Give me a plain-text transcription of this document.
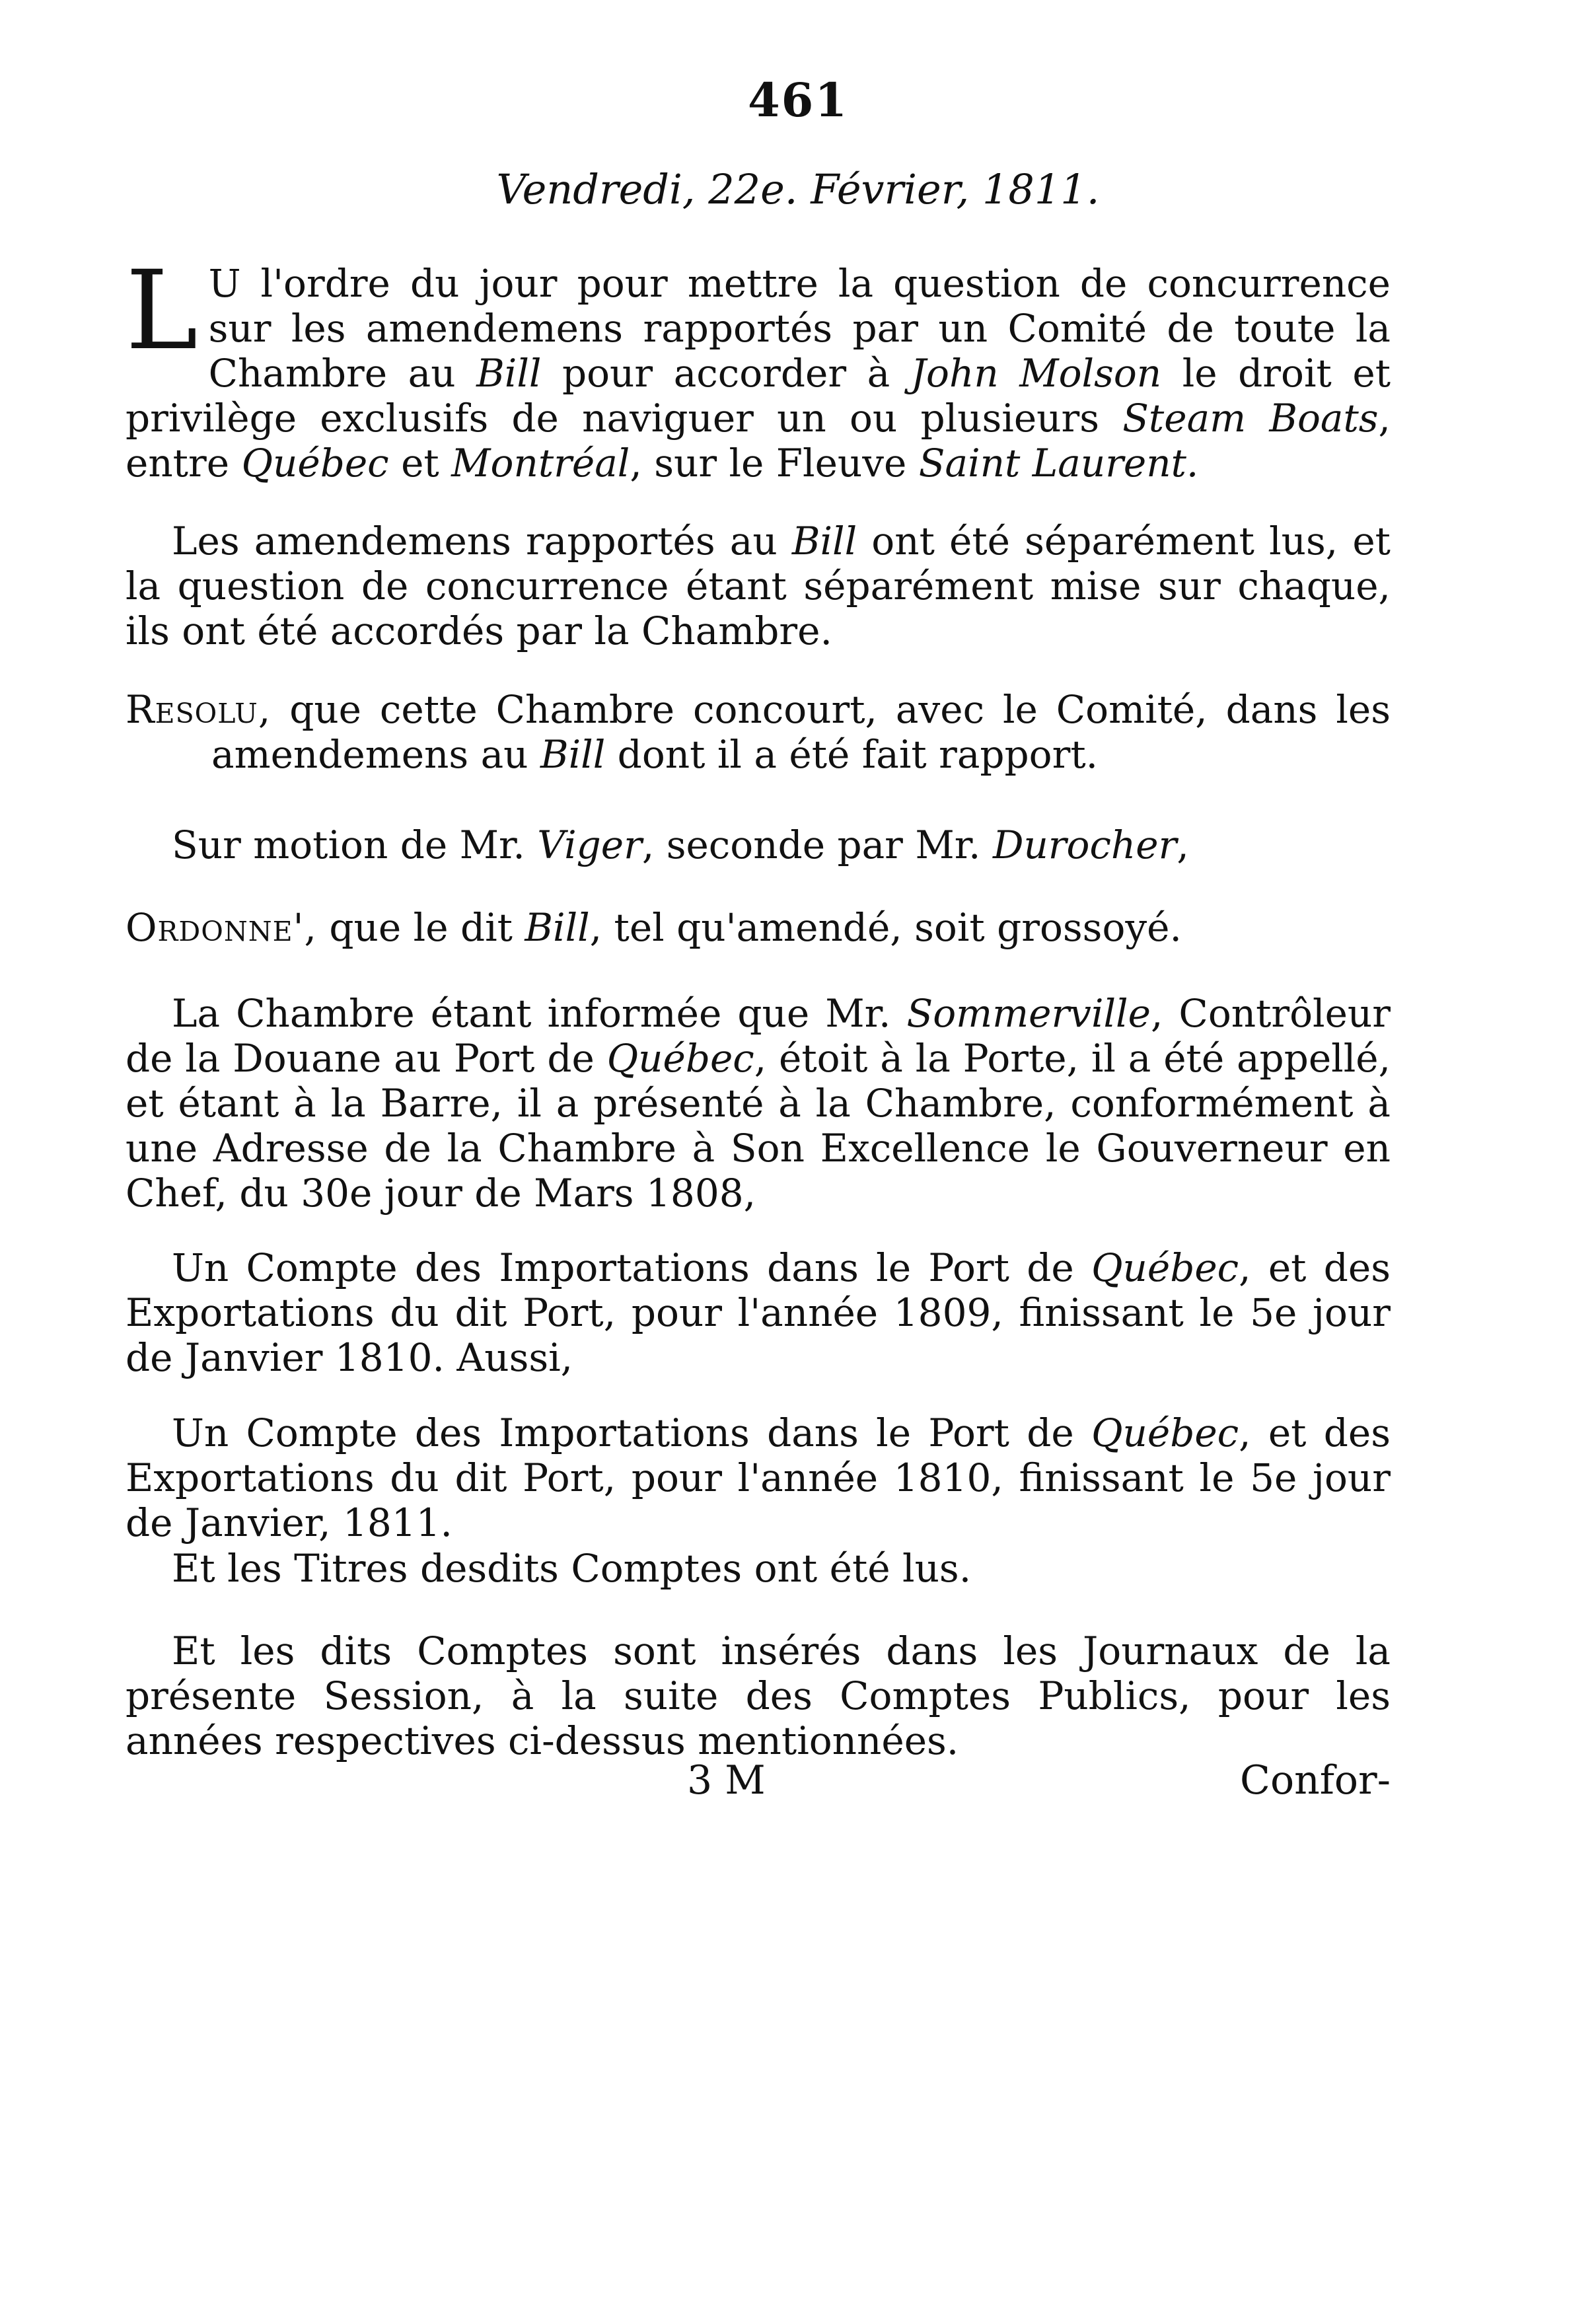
461
Vendredi, 22e. Février, 1811.

L U l'ordre du jour pour mettre la question de concurrence sur les amendemens rapportés par un Comité de toute la Chambre au Bill pour accorder à John Molson le droit et privilège exclusifs de naviguer un ou plusieurs Steam Boats, entre Québec et Montréal, sur le Fleuve Saint Laurent.

Les amendemens rapportés au Bill ont été séparément lus, et la question de concurrence étant séparément mise sur chaque, ils ont été accordés par la Chambre.

Resolu, que cette Chambre concourt, avec le Comité, dans les amendemens au Bill dont il a été fait rapport.

Sur motion de Mr. Viger, seconde par Mr. Durocher,

Ordonne', que le dit Bill, tel qu'amendé, soit grossoyé.

La Chambre étant informée que Mr. Sommerville, Contrôleur de la Douane au Port de Québec, étoit à la Porte, il a été appellé, et étant à la Barre, il a présenté à la Chambre, conformément à une Adresse de la Chambre à Son Excellence le Gouverneur en Chef, du 30e jour de Mars 1808,

Un Compte des Importations dans le Port de Québec, et des Exportations du dit Port, pour l'année 1809, finissant le 5e jour de Janvier 1810. Aussi,

Un Compte des Importations dans le Port de Québec, et des Exportations du dit Port, pour l'année 1810, finissant le 5e jour de Janvier, 1811.

Et les Titres desdits Comptes ont été lus.

Et les dits Comptes sont insérés dans les Journaux de la présente Session, à la suite des Comptes Publics, pour les années respectives ci-dessus mentionnées.

3 M	Confor-
